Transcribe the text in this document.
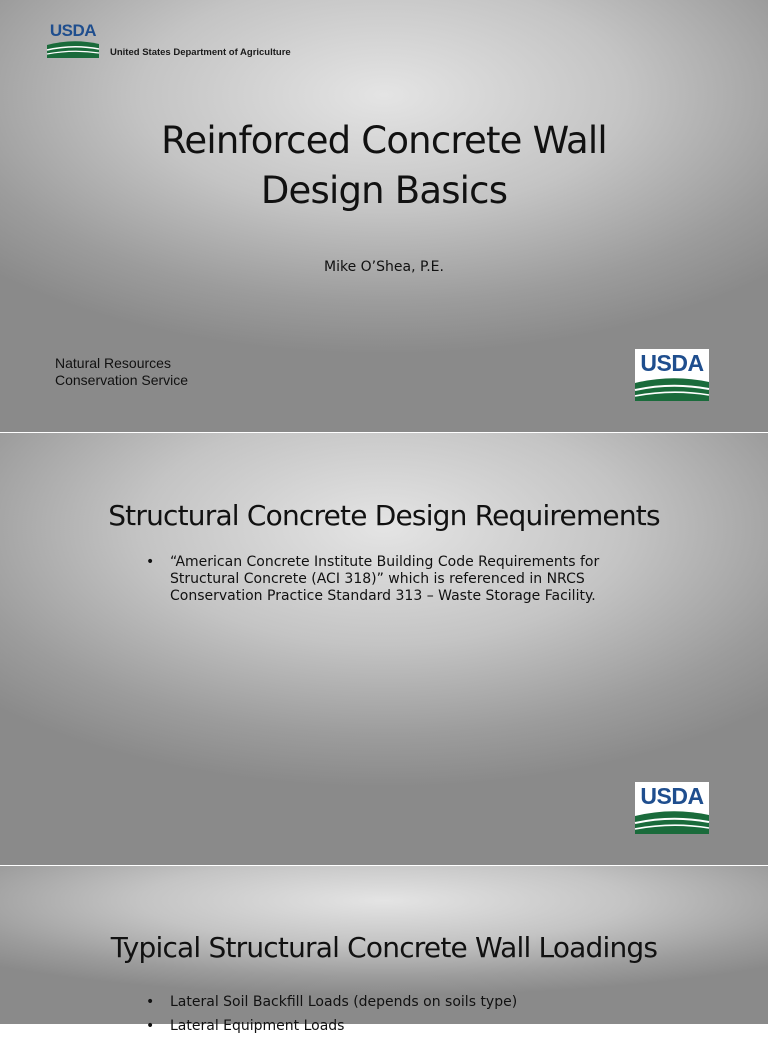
USDA
United States Department of Agriculture
Reinforced Concrete Wall
Design Basics
Mike O’Shea, P.E.
Natural Resources
Conservation Service
USDA
Structural Concrete Design Requirements
• “American Concrete Institute Building Code Requirements for Structural Concrete (ACI 318)” which is referenced in NRCS Conservation Practice Standard 313 – Waste Storage Facility.
USDA
Typical Structural Concrete Wall Loadings
• Lateral Soil Backfill Loads (depends on soils type)
• Lateral Equipment Loads
